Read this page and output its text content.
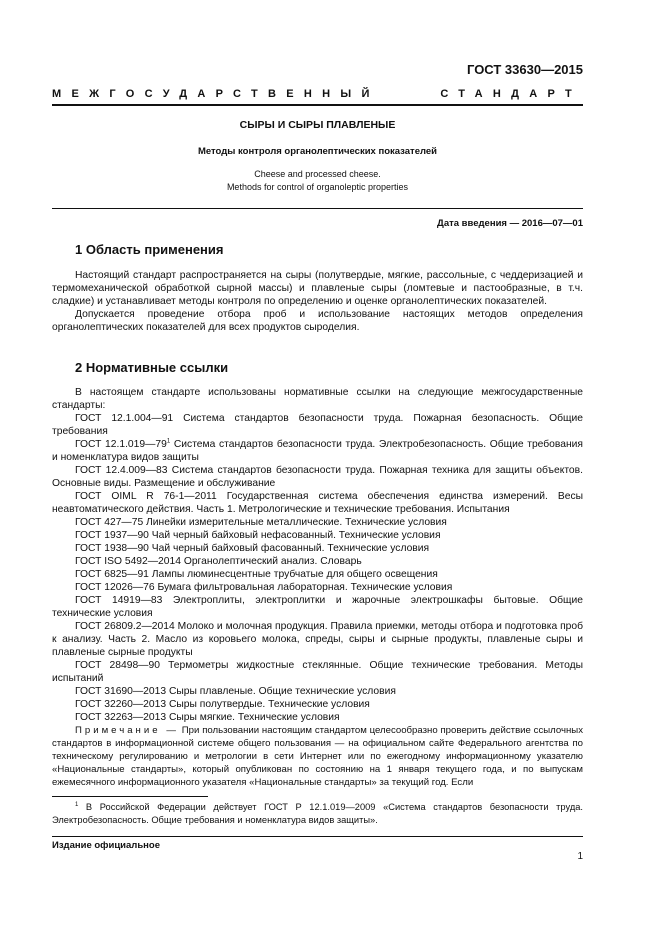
ГОСТ 33630—2015
МЕЖГОСУДАРСТВЕННЫЙ	СТАНДАРТ
СЫРЫ И СЫРЫ ПЛАВЛЕНЫЕ
Методы контроля органолептических показателей
Cheese and processed cheese.
Methods for control of organoleptic properties
Дата введения — 2016—07—01
1 Область применения

Настоящий стандарт распространяется на сыры (полутвердые, мягкие, рассольные, с чеддеризацией и термомеханической обработкой сырной массы) и плавленые сыры (ломтевые и пастообразные, в т.ч. сладкие) и устанавливает методы контроля по определению и оценке органолептических показателей.

Допускается проведение отбора проб и использование настоящих методов определения органолептических показателей для всех продуктов сыроделия.

2 Нормативные ссылки

В настоящем стандарте использованы нормативные ссылки на следующие межгосударственные стандарты:

ГОСТ 12.1.004—91 Система стандартов безопасности труда. Пожарная безопасность. Общие требования

ГОСТ $12.1.019—79^1$ Система стандартов безопасности труда. Электробезопасность. Общие требования и номенклатура видов защиты

ГОСТ 12.4.009—83 Система стандартов безопасности труда. Пожарная техника для защиты объектов. Основные виды. Размещение и обслуживание

ГОСТ OIML R 76-1—2011 Государственная система обеспечения единства измерений. Весы неавтоматического действия. Часть 1. Метрологические и технические требования. Испытания

ГОСТ 427—75 Линейки измерительные металлические. Технические условия

ГОСТ 1937—90 Чай черный байховый нефасованный. Технические условия

ГОСТ 1938—90 Чай черный байховый фасованный. Технические условия

ГОСТ ISO 5492—2014 Органолептический анализ. Словарь

ГОСТ 6825—91 Лампы люминесцентные трубчатые для общего освещения

ГОСТ 12026—76 Бумага фильтровальная лабораторная. Технические условия

ГОСТ 14919—83 Электроплиты, электроплитки и жарочные электрошкафы бытовые. Общие технические условия

ГОСТ 26809.2—2014 Молоко и молочная продукция. Правила приемки, методы отбора и подготовка проб к анализу. Часть 2. Масло из коровьего молока, спреды, сыры и сырные продукты, плавленые сыры и плавленые сырные продукты

ГОСТ 28498—90 Термометры жидкостные стеклянные. Общие технические требования. Методы испытаний

ГОСТ 31690—2013 Сыры плавленые. Общие технические условия

ГОСТ 32260—2013 Сыры полутвердые. Технические условия

ГОСТ 32263—2013 Сыры мягкие. Технические условия

Примечание — При пользовании настоящим стандартом целесообразно проверить действие ссылочных стандартов в информационной системе общего пользования — на официальном сайте Федерального агентства по техническому регулированию и метрологии в сети Интернет или по ежегодному информационному указателю «Национальные стандарты», который опубликован по состоянию на 1 января текущего года, и по выпускам ежемесячного информационного указателя «Национальные стандарты» за текущий год. Если

$^1$ В Российской Федерации действует ГОСТ Р 12.1.019—2009 «Система стандартов безопасности труда. Электробезопасность. Общие требования и номенклатура видов защиты».

Издание официальное
1
